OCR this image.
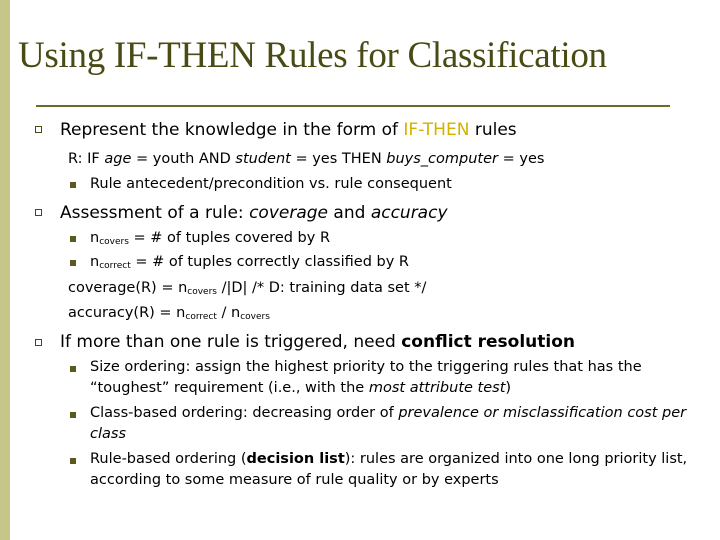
Using IF-THEN Rules for Classification
Represent the knowledge in the form of IF-THEN rules
R: IF age = youth AND student = yes THEN buys_computer = yes
Rule antecedent/precondition vs. rule consequent
Assessment of a rule: coverage and accuracy
$n_{covers}$ = # of tuples covered by R
$n_{correct}$ = # of tuples correctly classified by R
coverage(R) = $n_{covers}$ /|D| /* D: training data set */
accuracy(R) = $n_{correct} / n_{covers}$
If more than one rule is triggered, need conflict resolution
Size ordering: assign the highest priority to the triggering rules that has the “toughest” requirement (i.e., with the most attribute test)
Class-based ordering: decreasing order of prevalence or misclassification cost per class
Rule-based ordering (decision list): rules are organized into one long priority list, according to some measure of rule quality or by experts
